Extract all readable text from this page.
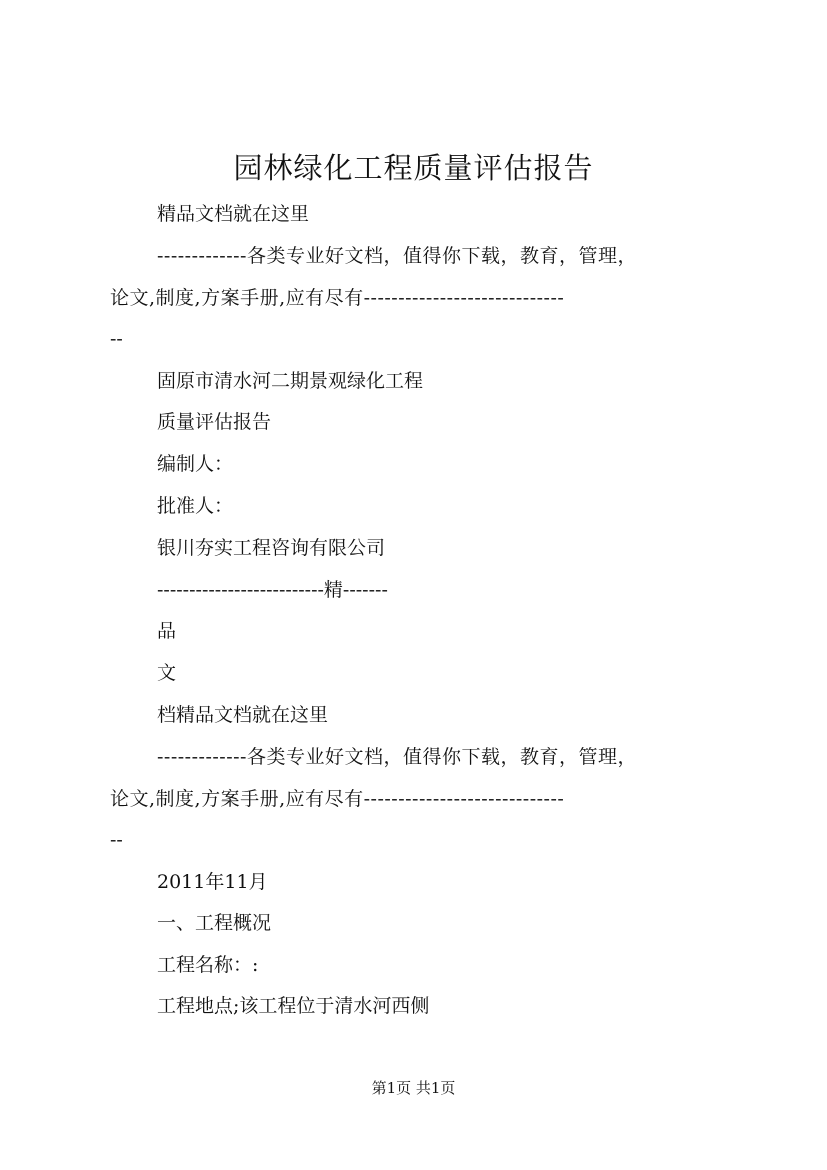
园林绿化工程质量评估报告
精品文档就在这里
-------------各类专业好文档，值得你下载，教育，管理，
论文,制度,方案手册,应有尽有-----------------------------
--
固原市清水河二期景观绿化工程
质量评估报告
编制人：
批准人：
银川夯实工程咨询有限公司
--------------------------精-------
品
文
档精品文档就在这里
-------------各类专业好文档，值得你下载，教育，管理，
论文,制度,方案手册,应有尽有-----------------------------
--
2011年11月
一、工程概况
工程名称：:
工程地点;该工程位于清水河西侧
第1页 共1页
